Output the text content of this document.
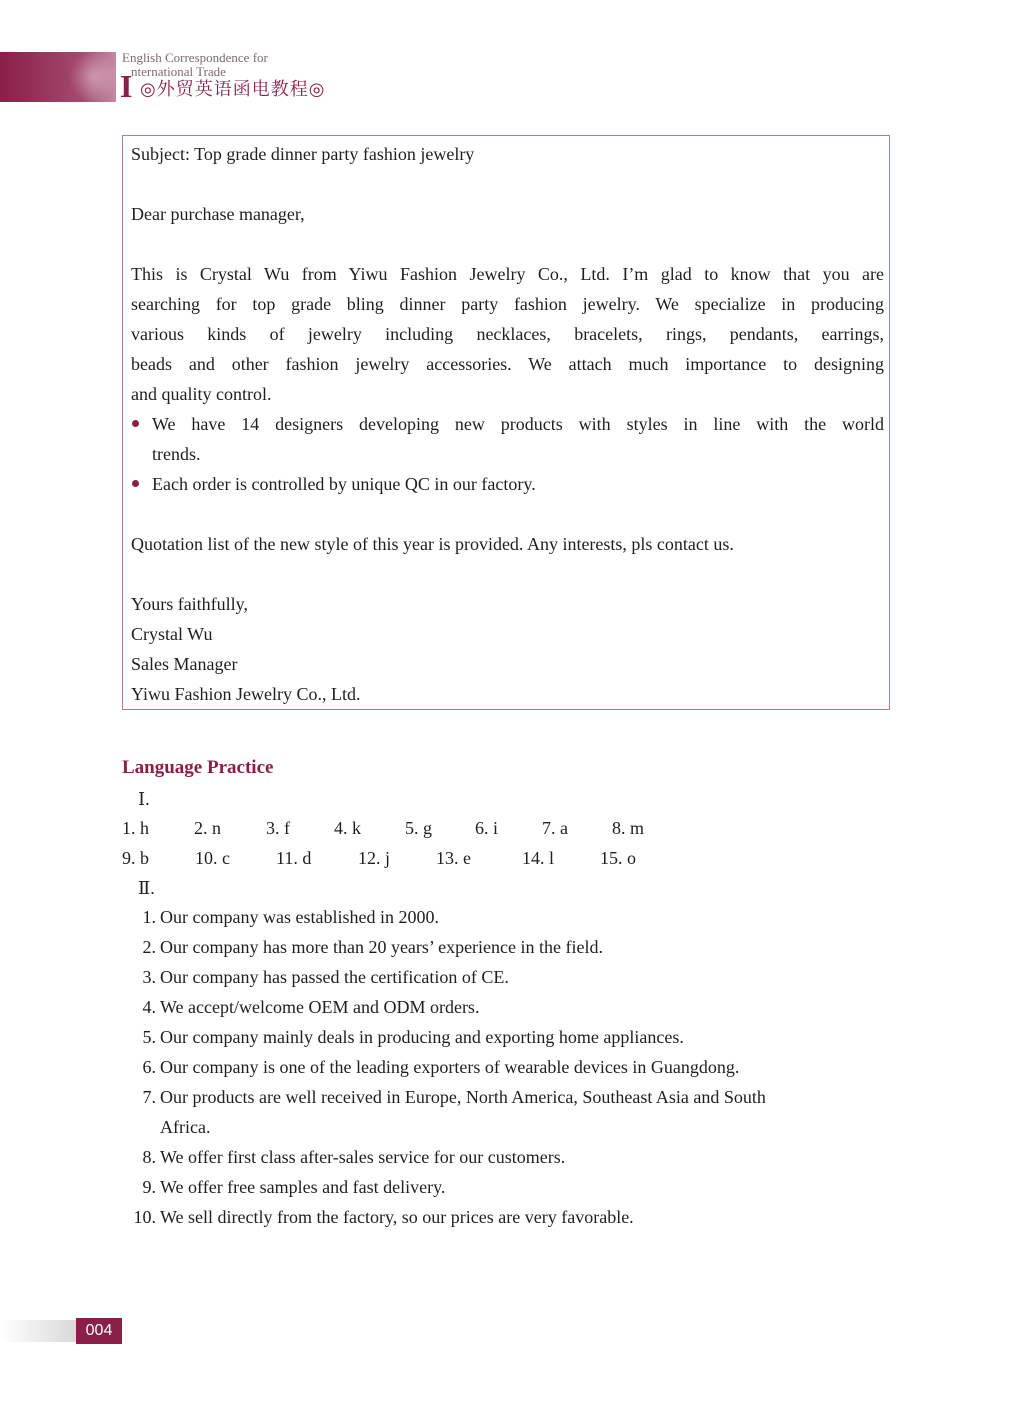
English Correspondence for
nternational Trade
I ◎外贸英语函电教程◎
Subject: Top grade dinner party fashion jewelry
Dear purchase manager,
This is Crystal Wu from Yiwu Fashion Jewelry Co., Ltd. I’m glad to know that you are
searching for top grade bling dinner party fashion jewelry. We specialize in producing
various kinds of jewelry including necklaces, bracelets, rings, pendants, earrings,
beads and other fashion jewelry accessories. We attach much importance to designing
and quality control.
We have 14 designers developing new products with styles in line with the world
trends.
Each order is controlled by unique QC in our factory.
Quotation list of the new style of this year is provided. Any interests, pls contact us.
Yours faithfully,
Crystal Wu
Sales Manager
Yiwu Fashion Jewelry Co., Ltd.
Language Practice
Ⅰ.
1. h	2. n	3. f 4. k 5. g 6. i 7. a 8. m
9. b	10. c	11. d	12. j	13. e	14. l	15. o
Ⅱ.
1. Our company was established in 2000.
2. Our company has more than 20 years’ experience in the field.
3. Our company has passed the certification of CE.
4. We accept/welcome OEM and ODM orders.
5. Our company mainly deals in producing and exporting home appliances.
6. Our company is one of the leading exporters of wearable devices in Guangdong.
7. Our products are well received in Europe, North America, Southeast Asia and South
Africa.
8. We offer first class after-sales service for our customers.
9. We offer free samples and fast delivery.
10. We sell directly from the factory, so our prices are very favorable.
004
